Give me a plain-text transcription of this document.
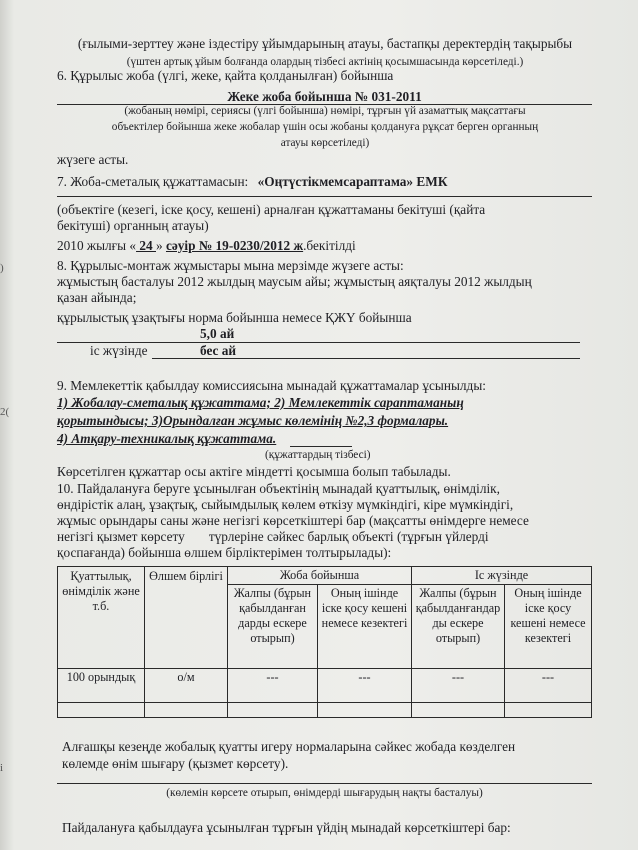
)
2(
і
(ғылыми-зерттеу және іздестіру ұйымдарының атауы, бастапқы деректердің тақырыбы
(үштен артық ұйым болғанда олардың тізбесі актінің қосымшасында көрсетіледі.)
6. Құрылыс жоба (үлгі, жеке, қайта қолданылған) бойынша
Жеке жоба бойынша № 031-2011
(жобаның нөмірі, сериясы (үлгі бойынша) нөмірі, тұрғын үй азаматтық мақсаттағы
объектілер бойынша жеке жобалар үшін осы жобаны қолдануға рұқсат берген органның
атауы көрсетіледі)
жүзеге асты.
7. Жоба-сметалық құжаттамасын: «Оңтүстікмемсараптама» ЕМК
(объектіге (кезегі, іске қосу, кешені) арналған құжаттаманы бекітуші (қайта
бекітуші) органның атауы)
2010 жылғы « 24 » сәуір № 19-0230/2012 ж.бекітілді
8. Құрылыс-монтаж жұмыстары мына мерзімде жүзеге асты:
жұмыстың басталуы 2012 жылдың маусым айы; жұмыстың аяқталуы 2012 жылдың
қазан айында;
құрылыстық ұзақтығы норма бойынша немесе ҚЖҮ бойынша
5,0 ай
іс жүзінде	бес ай
9. Мемлекеттік қабылдау комиссиясына мынадай құжаттамалар ұсынылды:
1) Жобалау-сметалық құжаттама; 2) Мемлекеттік сараптаманың
қорытындысы; 3)Орындалған жұмыс көлемінің №2,3 формалары.
4) Атқару-техникалық құжаттама.
(құжаттардың тізбесі)
Көрсетілген құжаттар осы актіге міндетті қосымша болып табылады.
10. Пайдалануға беруге ұсынылған объектінің мынадай қуаттылық, өнімділік,
өндірістік алаң, ұзақтық, сыйымдылық көлем өткізу мүмкіндігі, кіре мүмкіндігі,
жұмыс орындары саны және негізгі көрсеткіштері бар (мақсатты өнімдерге немесе
негізгі қызмет көрсету түрлеріне сәйкес барлық объекті (тұрғын үйлерді
қоспағанда) бойынша өлшем бірліктерімен толтырылады):
Қуаттылық, өнімділік және т.б.	Өлшем бірлігі	Жоба бойынша		Іс жүзінде	
		Жалпы (бұрын қабылданған дарды ескере отырып)	Оның ішінде іске қосу кешені немесе кезектегі	Жалпы (бұрын қабылданғандар ды ескере отырып)	Оның ішінде іске қосу кешені немесе кезектегі
100 орындық	о/м	---	---	---	---

Алғашқы кезеңде жобалық қуатты игеру нормаларына сәйкес жобада көзделген
көлемде өнім шығару (қызмет көрсету).
(көлемін көрсете отырып, өнімдерді шығарудың нақты басталуы)
Пайдалануға қабылдауға ұсынылған тұрғын үйдің мынадай көрсеткіштері бар:
